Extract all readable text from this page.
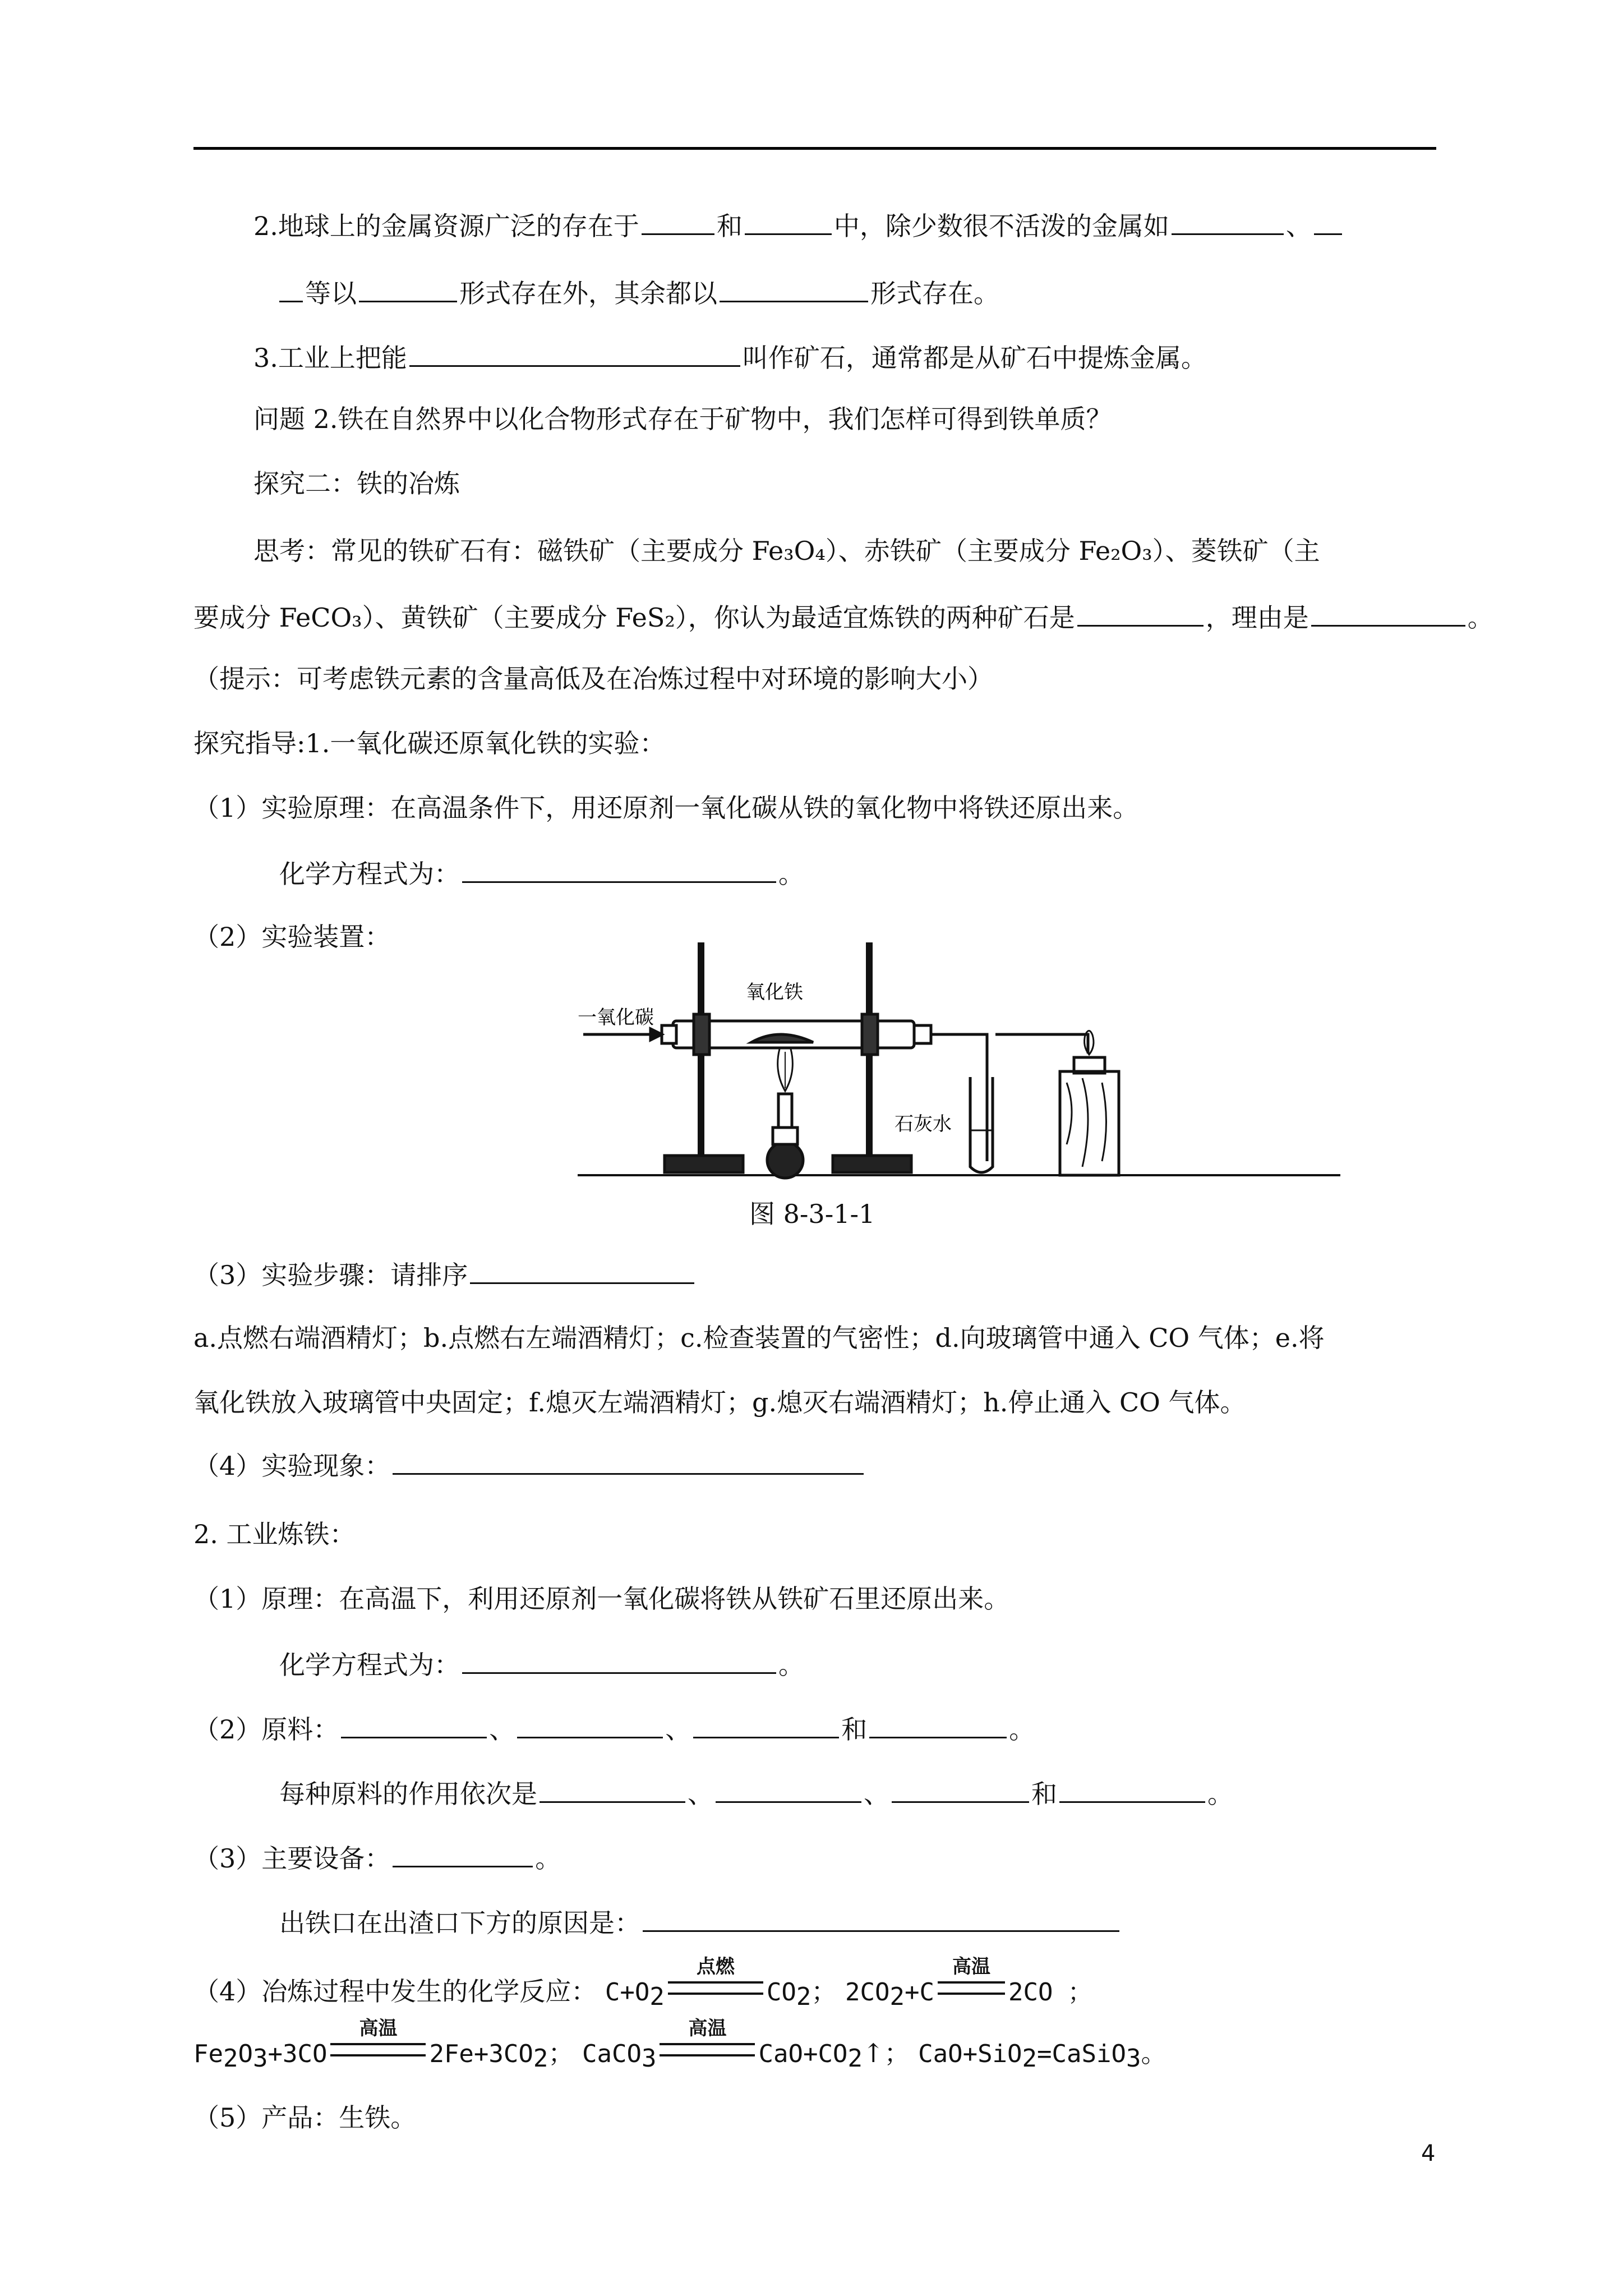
2.地球上的金属资源广泛的存在于	和	中，除少数很不活泼的金属如	、
等以	形式存在外，其余都以	形式存在。
3.工业上把能	叫作矿石，通常都是从矿石中提炼金属。
问题 2.铁在自然界中以化合物形式存在于矿物中，我们怎样可得到铁单质？
探究二：铁的冶炼
思考：常见的铁矿石有：磁铁矿（主要成分 Fe₃O₄）、赤铁矿（主要成分 Fe₂O₃）、菱铁矿（主
要成分 FeCO₃）、黄铁矿（主要成分 FeS₂），你认为最适宜炼铁的两种矿石是	，理由是	。
（提示：可考虑铁元素的含量高低及在冶炼过程中对环境的影响大小）
探究指导:1.一氧化碳还原氧化铁的实验：
（1）实验原理：在高温条件下，用还原剂一氧化碳从铁的氧化物中将铁还原出来。
化学方程式为：	。
（2）实验装置：
一氧化碳
氧化铁
石灰水
图 8-3-1-1
（3）实验步骤：请排序
a.点燃右端酒精灯；b.点燃右左端酒精灯；c.检查装置的气密性；d.向玻璃管中通入 CO 气体；e.将
氧化铁放入玻璃管中央固定；f.熄灭左端酒精灯；g.熄灭右端酒精灯；h.停止通入 CO 气体。
（4）实验现象：
2. 工业炼铁：
（1）原理：在高温下，利用还原剂一氧化碳将铁从铁矿石里还原出来。
化学方程式为：	。
（2）原料：	、	、	和	。
每种原料的作用依次是	、	、	和	。
（3）主要设备：	。
出铁口在出渣口下方的原因是：
（4）冶炼过程中发生的化学反应： $C+O_2$
点燃
$CO_2$； $2CO_2+C$
高温
2CO ；
$Fe_2O_3+3CO$
高温
$2Fe+3CO_2$； CaCO$_3$
高温
$CaO+CO_2↑$； CaO+SiO$_2$=CaSiO$_3$。
（5）产品：生铁。
4
